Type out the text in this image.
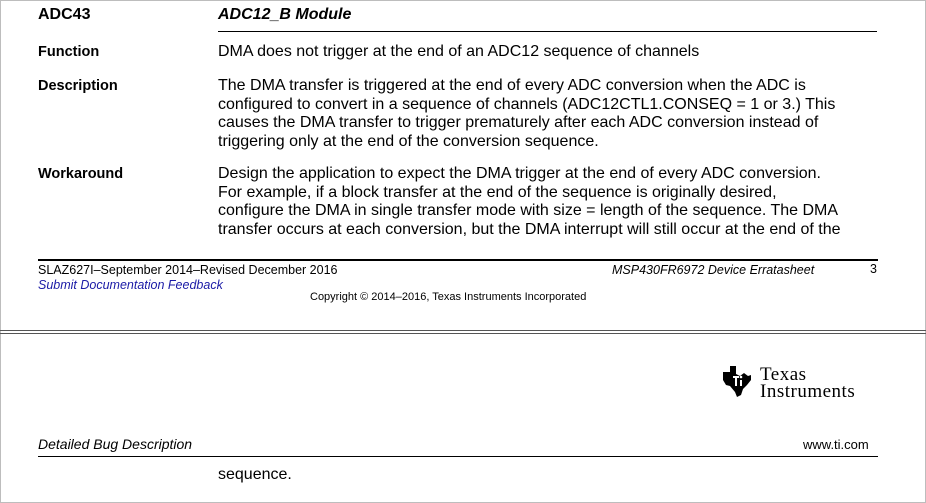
ADC43	ADC12_B Module
Function	DMA does not trigger at the end of an ADC12 sequence of channels
Description	The DMA transfer is triggered at the end of every ADC conversion when the ADC is
configured to convert in a sequence of channels (ADC12CTL1.CONSEQ = 1 or 3.) This
causes the DMA transfer to trigger prematurely after each ADC conversion instead of
triggering only at the end of the conversion sequence.
Workaround	Design the application to expect the DMA trigger at the end of every ADC conversion.
For example, if a block transfer at the end of the sequence is originally desired,
configure the DMA in single transfer mode with size = length of the sequence. The DMA
transfer occurs at each conversion, but the DMA interrupt will still occur at the end of the
SLAZ627I–September 2014–Revised December 2016
Submit Documentation Feedback
MSP430FR6972 Device Erratasheet	3
Copyright © 2014–2016, Texas Instruments Incorporated
Texas
Instruments
Detailed Bug Description	www.ti.com
sequence.
